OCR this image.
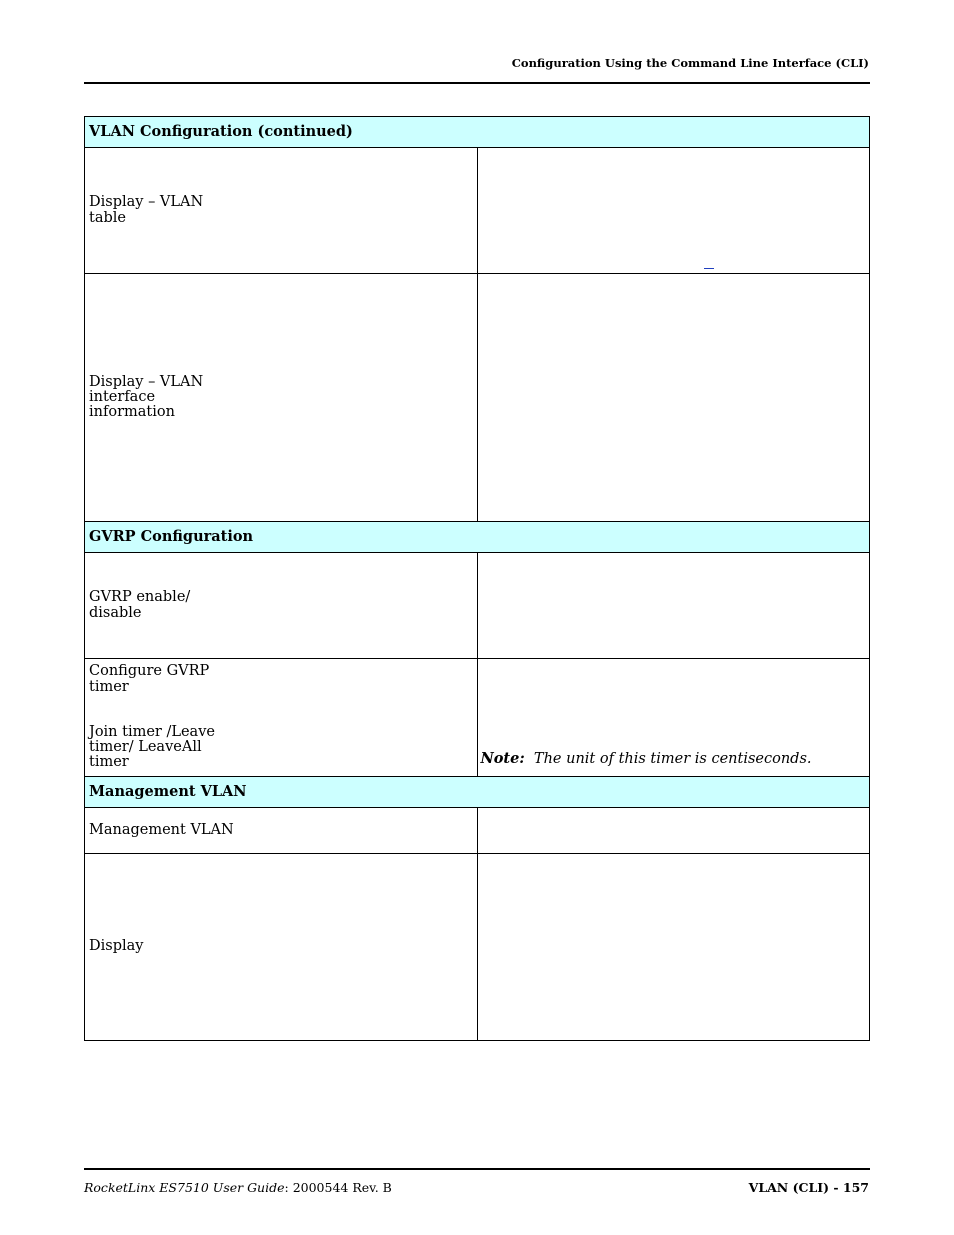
Configuration Using the Command Line Interface (CLI)
VLAN Configuration (continued)	

Display – VLAN
table	

Display – VLAN
interface
information	

GVRP Configuration	

GVRP enable/
disable	

Configure GVRP
timer
Join timer /Leave
timer/ LeaveAll
timer	Note: The unit of this timer is centiseconds.

Management VLAN	
Management VLAN	
Display	
RocketLinx ES7510 User Guide: 2000544 Rev. B	VLAN (CLI) - 157
